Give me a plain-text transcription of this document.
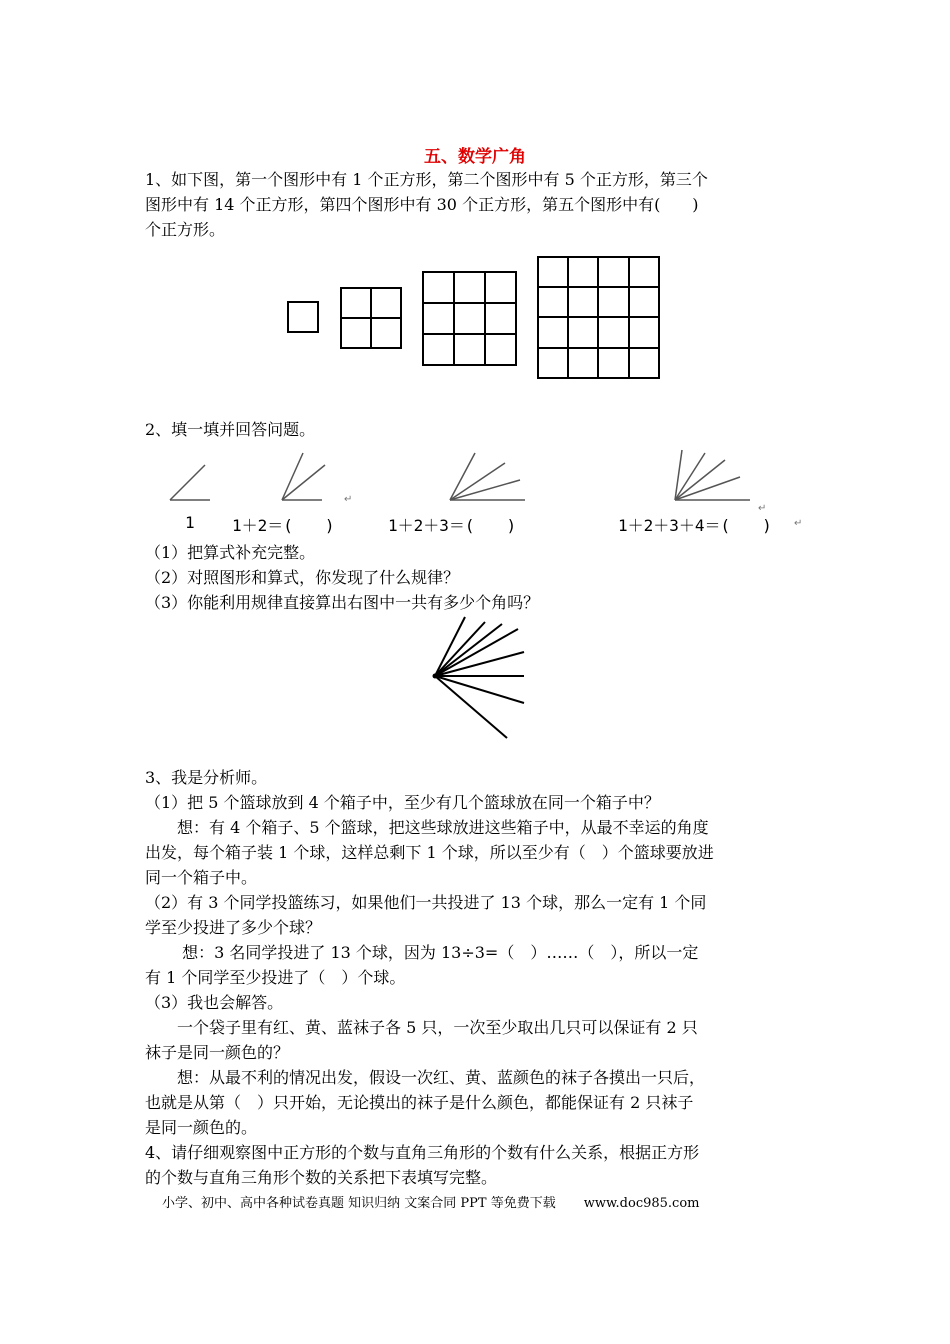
五、数学广角
1、如下图，第一个图形中有 1 个正方形，第二个图形中有 5 个正方形，第三个
图形中有 14 个正方形，第四个图形中有 30 个正方形，第五个图形中有(　　)
个正方形。
2、填一填并回答问题。
↵
↵
1 1＋2＝(　　)	1＋2＋3＝(　　)	1＋2＋3＋4＝(　　) ↵
（1）把算式补充完整。
（2）对照图形和算式，你发现了什么规律？
（3）你能利用规律直接算出右图中一共有多少个角吗？
3、我是分析师。
（1）把 5 个篮球放到 4 个箱子中，至少有几个篮球放在同一个箱子中？
　　想：有 4 个箱子、5 个篮球，把这些球放进这些箱子中，从最不幸运的角度
出发，每个箱子装 1 个球，这样总剩下 1 个球，所以至少有（　）个篮球要放进
同一个箱子中。
（2）有 3 个同学投篮练习，如果他们一共投进了 13 个球，那么一定有 1 个同
学至少投进了多少个球？
　　 想：3 名同学投进了 13 个球，因为 13÷3=（　）……（　），所以一定
有 1 个同学至少投进了（　）个球。
（3）我也会解答。
　　一个袋子里有红、黄、蓝袜子各 5 只，一次至少取出几只可以保证有 2 只
袜子是同一颜色的？
　　想：从最不利的情况出发，假设一次红、黄、蓝颜色的袜子各摸出一只后，
也就是从第（　）只开始，无论摸出的袜子是什么颜色，都能保证有 2 只袜子
是同一颜色的。
4、请仔细观察图中正方形的个数与直角三角形的个数有什么关系，根据正方形
的个数与直角三角形个数的关系把下表填写完整。
小学、初中、高中各种试卷真题 知识归纳 文案合同 PPT 等免费下载 www.doc985.com
